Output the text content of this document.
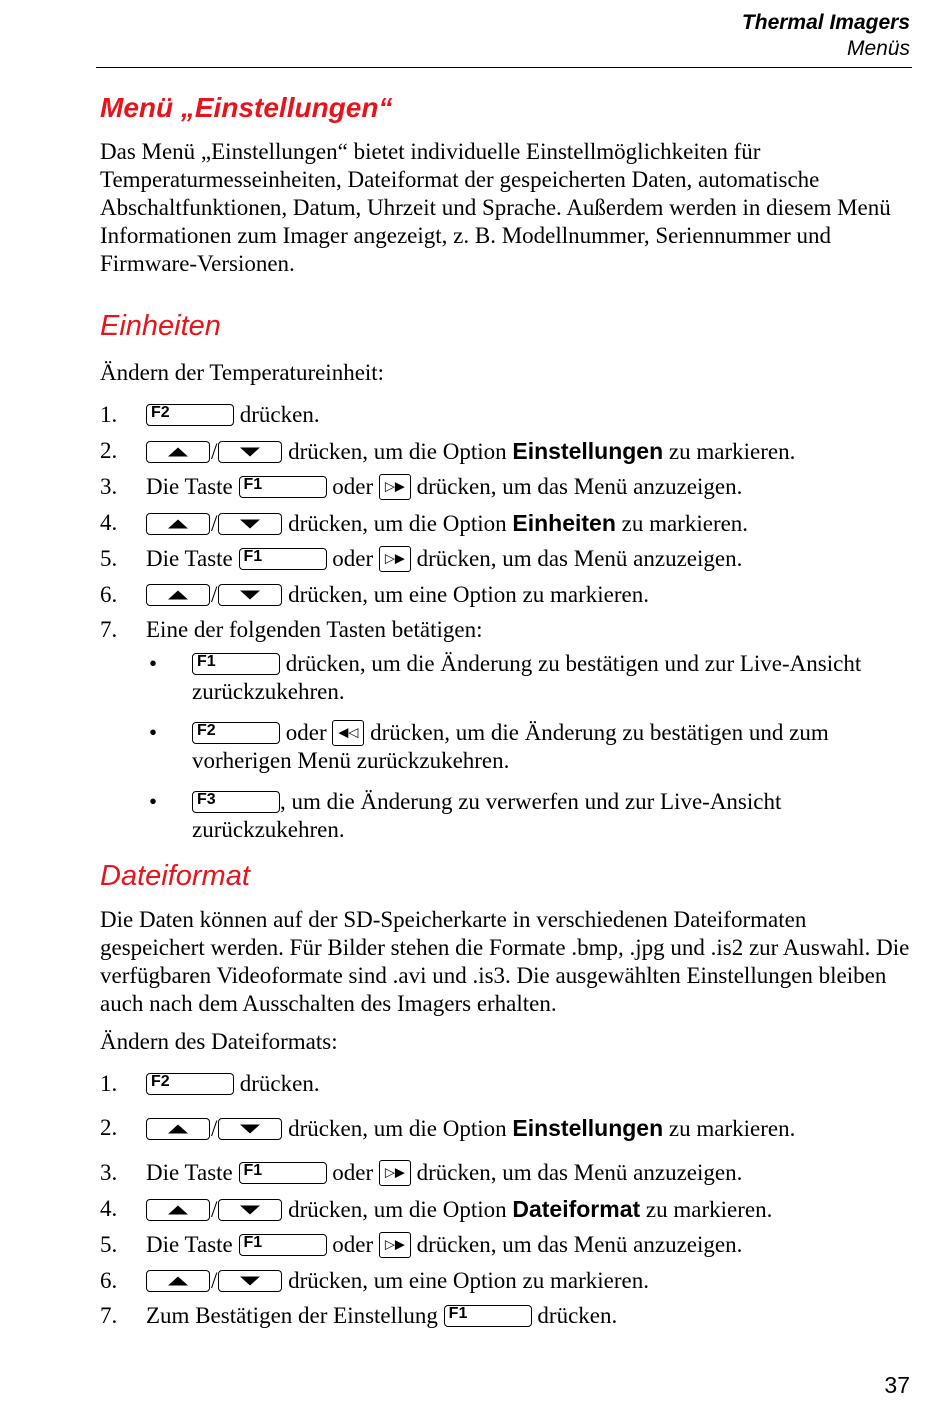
Thermal Imagers
Menüs
Menü „Einstellungen“

Das Menü „Einstellungen“ bietet individuelle Einstellmöglichkeiten für Temperaturmesseinheiten, Dateiformat der gespeicherten Daten, automatische Abschaltfunktionen, Datum, Uhrzeit und Sprache. Außerdem werden in diesem Menü Informationen zum Imager angezeigt, z. B. Modellnummer, Seriennummer und Firmware-Versionen.

Einheiten

Ändern der Temperatureinheit:

1. F2	drücken.
2.	/	drücken, um die Option Einstellungen zu markieren.
3. Die Taste F1	oder ▷▶ drücken, um das Menü anzuzeigen.
4.	/	drücken, um die Option Einheiten zu markieren.
5. Die Taste F1	oder ▷▶ drücken, um das Menü anzuzeigen.
6.	/	drücken, um eine Option zu markieren.
7. Eine der folgenden Tasten betätigen:
• F1	drücken, um die Änderung zu bestätigen und zur Live-Ansicht zurückzukehren.
• F2	oder ◀◁ drücken, um die Änderung zu bestätigen und zum vorherigen Menü zurückzukehren.
• F3	, um die Änderung zu verwerfen und zur Live-Ansicht zurückzukehren.
Dateiformat

Die Daten können auf der SD-Speicherkarte in verschiedenen Dateiformaten gespeichert werden. Für Bilder stehen die Formate .bmp, .jpg und .is2 zur Auswahl. Die verfügbaren Videoformate sind .avi und .is3. Die ausgewählten Einstellungen bleiben auch nach dem Ausschalten des Imagers erhalten.

Ändern des Dateiformats:

1. F2	drücken.
2.	/	drücken, um die Option Einstellungen zu markieren.
3. Die Taste F1	oder ▷▶ drücken, um das Menü anzuzeigen.
4.	/	drücken, um die Option Dateiformat zu markieren.
5. Die Taste F1	oder ▷▶ drücken, um das Menü anzuzeigen.
6.	/	drücken, um eine Option zu markieren.
7. Zum Bestätigen der Einstellung F1	drücken.
37
